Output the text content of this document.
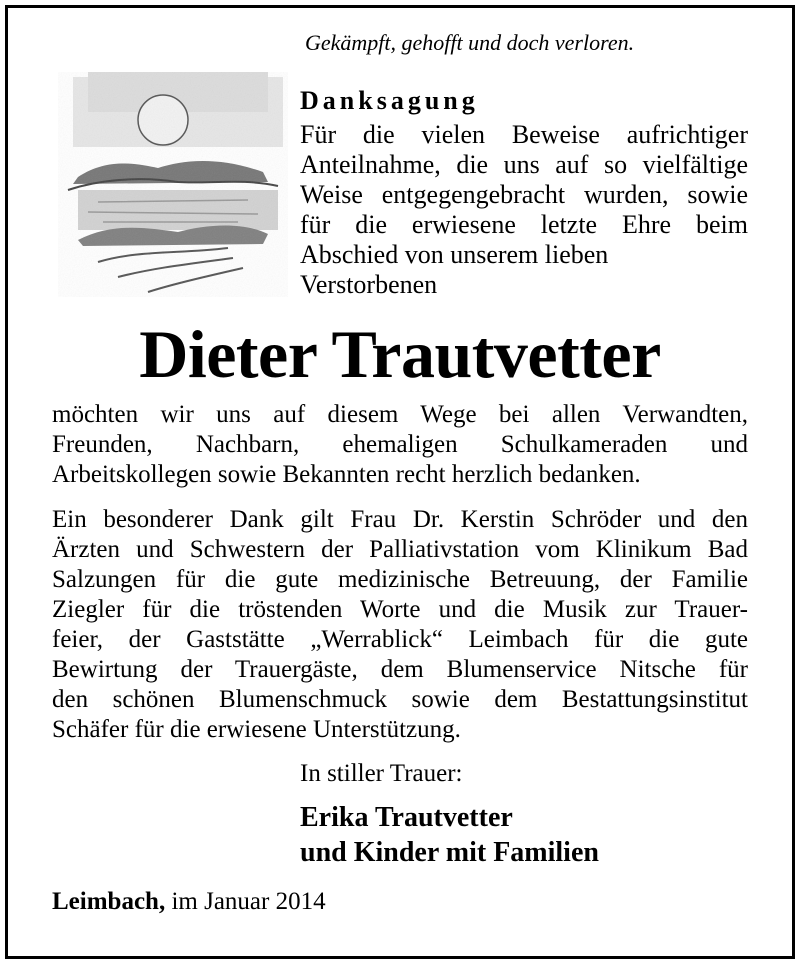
Gekämpft, gehofft und doch verloren.
Danksagung
Für die vielen Beweise aufrichtiger
Anteilnahme, die uns auf so vielfältige
Weise entgegengebracht wurden, sowie
für die erwiesene letzte Ehre beim
Abschied von unserem lieben
Verstorbenen
Dieter Trautvetter
möchten wir uns auf diesem Wege bei allen Verwandten,
Freunden, Nachbarn, ehemaligen Schulkameraden und
Arbeitskollegen sowie Bekannten recht herzlich bedanken.
Ein besonderer Dank gilt Frau Dr. Kerstin Schröder und den
Ärzten und Schwestern der Palliativstation vom Klinikum Bad
Salzungen für die gute medizinische Betreuung, der Familie
Ziegler für die tröstenden Worte und die Musik zur Trauer-
feier, der Gaststätte „Werrablick“ Leimbach für die gute
Bewirtung der Trauergäste, dem Blumenservice Nitsche für
den schönen Blumenschmuck sowie dem Bestattungsinstitut
Schäfer für die erwiesene Unterstützung.
In stiller Trauer:
Erika Trautvetter
und Kinder mit Familien
Leimbach, im Januar 2014
